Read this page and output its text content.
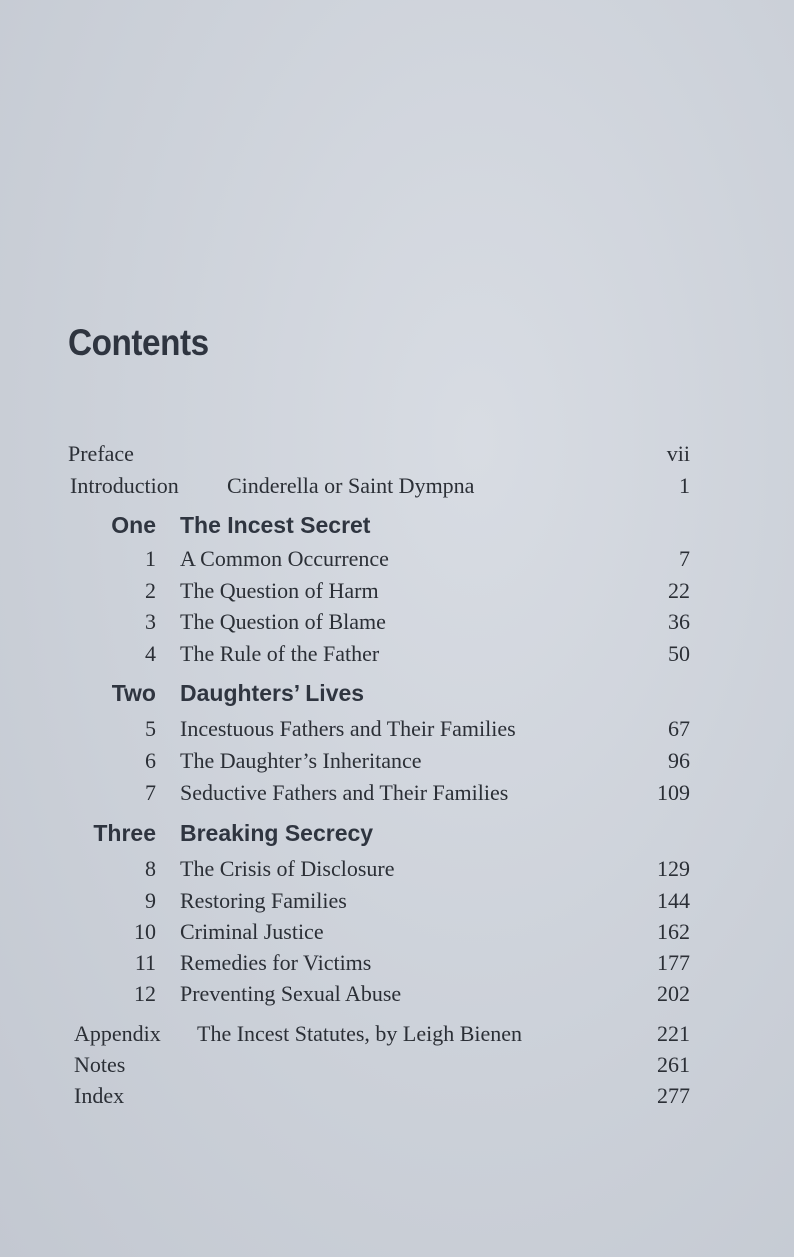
Contents
Preface	vii
Introduction Cinderella or Saint Dympna	1
One The Incest Secret
1 A Common Occurrence	7
2 The Question of Harm	22
3 The Question of Blame	36
4 The Rule of the Father	50
Two Daughters’ Lives
5 Incestuous Fathers and Their Families	67
6 The Daughter’s Inheritance	96
7 Seductive Fathers and Their Families	109
Three Breaking Secrecy
8 The Crisis of Disclosure	129
9 Restoring Families	144
10 Criminal Justice	162
11 Remedies for Victims	177
12 Preventing Sexual Abuse	202
Appendix The Incest Statutes, by Leigh Bienen	221
Notes	261
Index	277
